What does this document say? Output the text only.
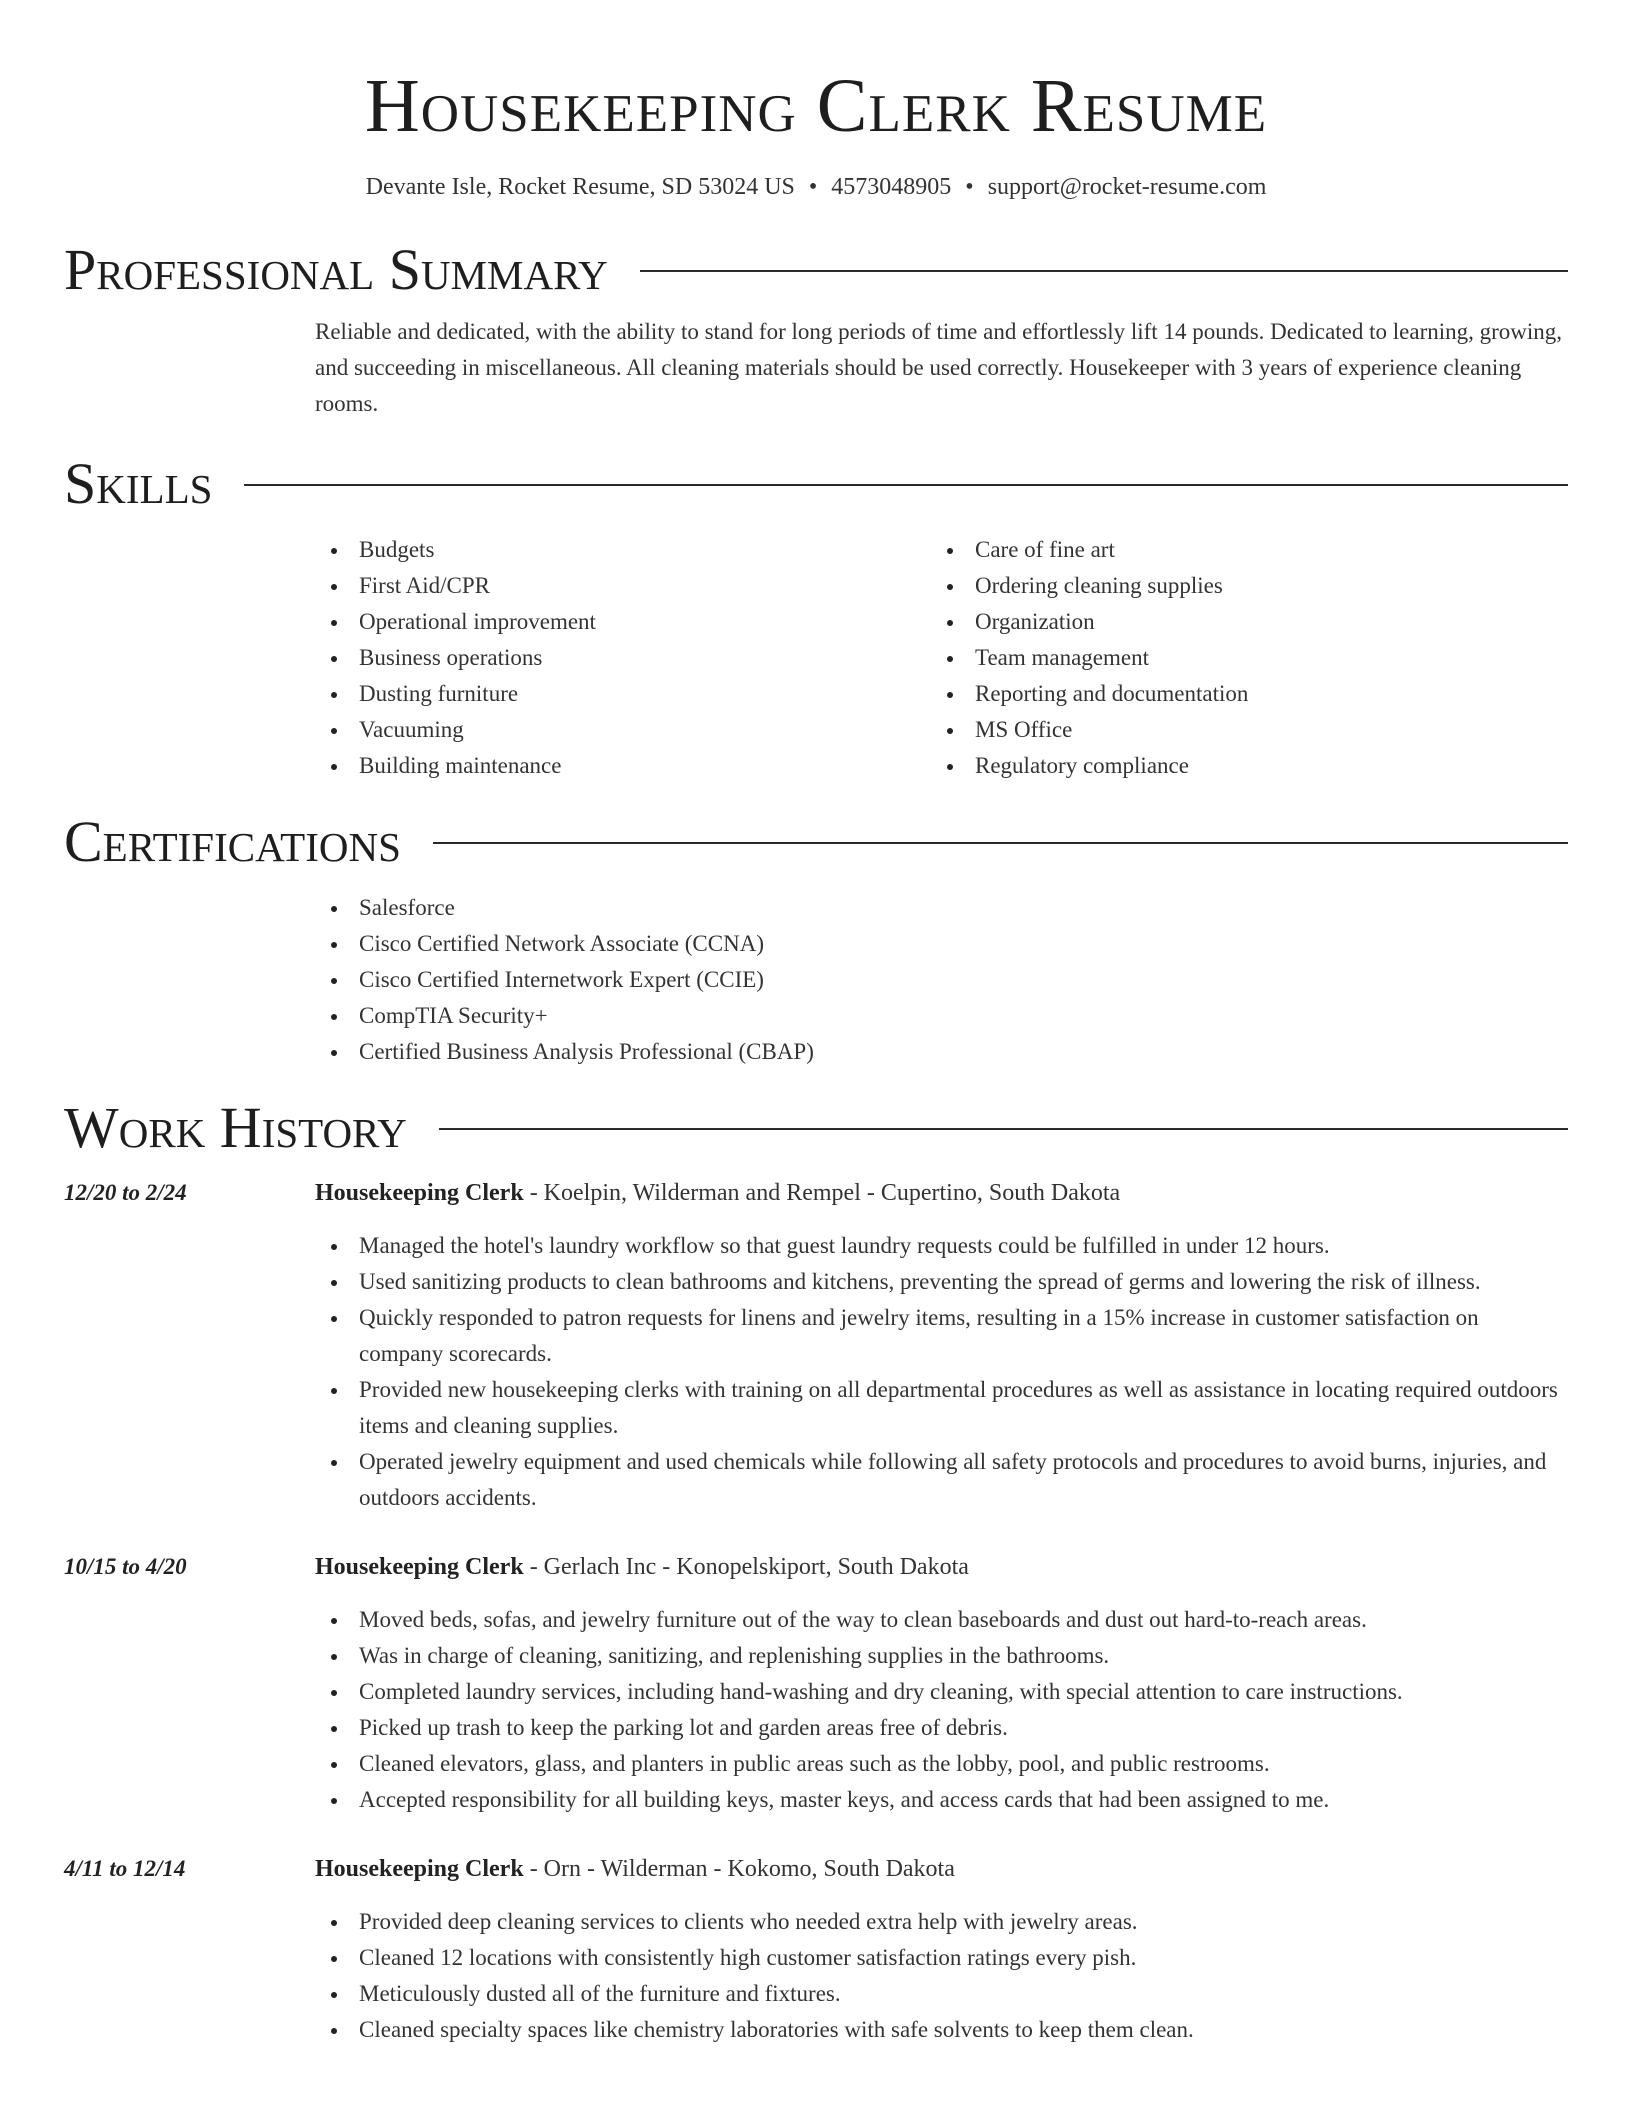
Housekeeping Clerk Resume
Devante Isle, Rocket Resume, SD 53024 US • 4573048905 • support@rocket-resume.com
Professional Summary

Reliable and dedicated, with the ability to stand for long periods of time and effortlessly lift 14 pounds. Dedicated to learning, growing, and succeeding in miscellaneous. All cleaning materials should be used correctly. Housekeeper with 3 years of experience cleaning rooms.

Skills
Budgets
First Aid/CPR
Operational improvement
Business operations
Dusting furniture
Vacuuming
Building maintenance
Care of fine art
Ordering cleaning supplies
Organization
Team management
Reporting and documentation
MS Office
Regulatory compliance
Certifications
Salesforce
Cisco Certified Network Associate (CCNA)
Cisco Certified Internetwork Expert (CCIE)
CompTIA Security+
Certified Business Analysis Professional (CBAP)
Work History
12/20 to 2/24	Housekeeping Clerk - Koelpin, Wilderman and Rempel - Cupertino, South Dakota
Managed the hotel's laundry workflow so that guest laundry requests could be fulfilled in under 12 hours.
Used sanitizing products to clean bathrooms and kitchens, preventing the spread of germs and lowering the risk of illness.
Quickly responded to patron requests for linens and jewelry items, resulting in a 15% increase in customer satisfaction on company scorecards.
Provided new housekeeping clerks with training on all departmental procedures as well as assistance in locating required outdoors items and cleaning supplies.
Operated jewelry equipment and used chemicals while following all safety protocols and procedures to avoid burns, injuries, and outdoors accidents.
10/15 to 4/20	Housekeeping Clerk - Gerlach Inc - Konopelskiport, South Dakota
Moved beds, sofas, and jewelry furniture out of the way to clean baseboards and dust out hard-to-reach areas.
Was in charge of cleaning, sanitizing, and replenishing supplies in the bathrooms.
Completed laundry services, including hand-washing and dry cleaning, with special attention to care instructions.
Picked up trash to keep the parking lot and garden areas free of debris.
Cleaned elevators, glass, and planters in public areas such as the lobby, pool, and public restrooms.
Accepted responsibility for all building keys, master keys, and access cards that had been assigned to me.
4/11 to 12/14	Housekeeping Clerk - Orn - Wilderman - Kokomo, South Dakota
Provided deep cleaning services to clients who needed extra help with jewelry areas.
Cleaned 12 locations with consistently high customer satisfaction ratings every pish.
Meticulously dusted all of the furniture and fixtures.
Cleaned specialty spaces like chemistry laboratories with safe solvents to keep them clean.
